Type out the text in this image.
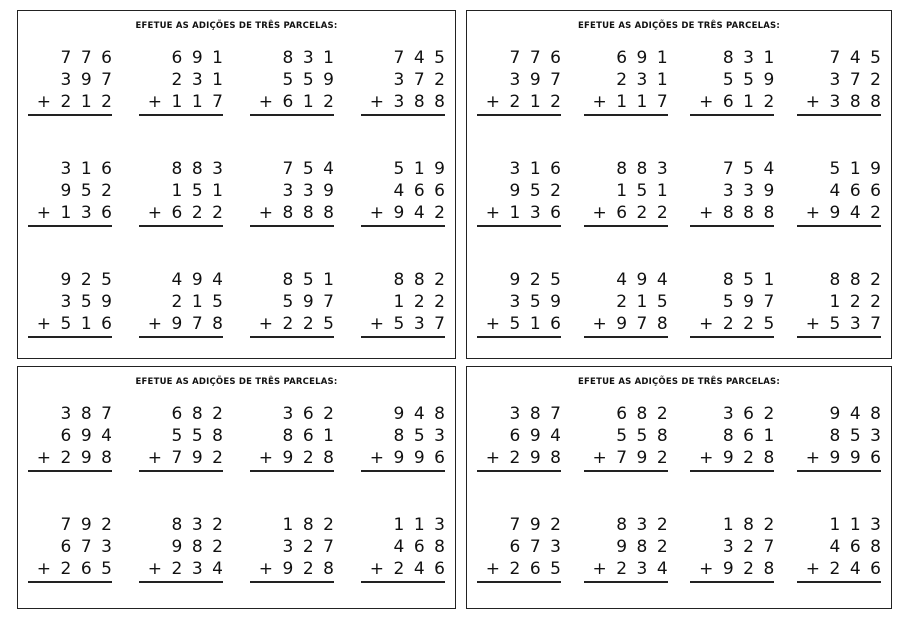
EFETUE AS ADIÇÕES DE TRÊS PARCELAS:
776
397
+212
691
231
+117
831
559
+612
745
372
+388
316
952
+136
883
151
+622
754
339
+888
519
466
+942
925
359
+516
494
215
+978
851
597
+225
882
122
+537
EFETUE AS ADIÇÕES DE TRÊS PARCELAS:
776
397
+212
691
231
+117
831
559
+612
745
372
+388
316
952
+136
883
151
+622
754
339
+888
519
466
+942
925
359
+516
494
215
+978
851
597
+225
882
122
+537
EFETUE AS ADIÇÕES DE TRÊS PARCELAS:
387
694
+298
682
558
+792
362
861
+928
948
853
+996
792
673
+265
832
982
+234
182
327
+928
113
468
+246
EFETUE AS ADIÇÕES DE TRÊS PARCELAS:
387
694
+298
682
558
+792
362
861
+928
948
853
+996
792
673
+265
832
982
+234
182
327
+928
113
468
+246
